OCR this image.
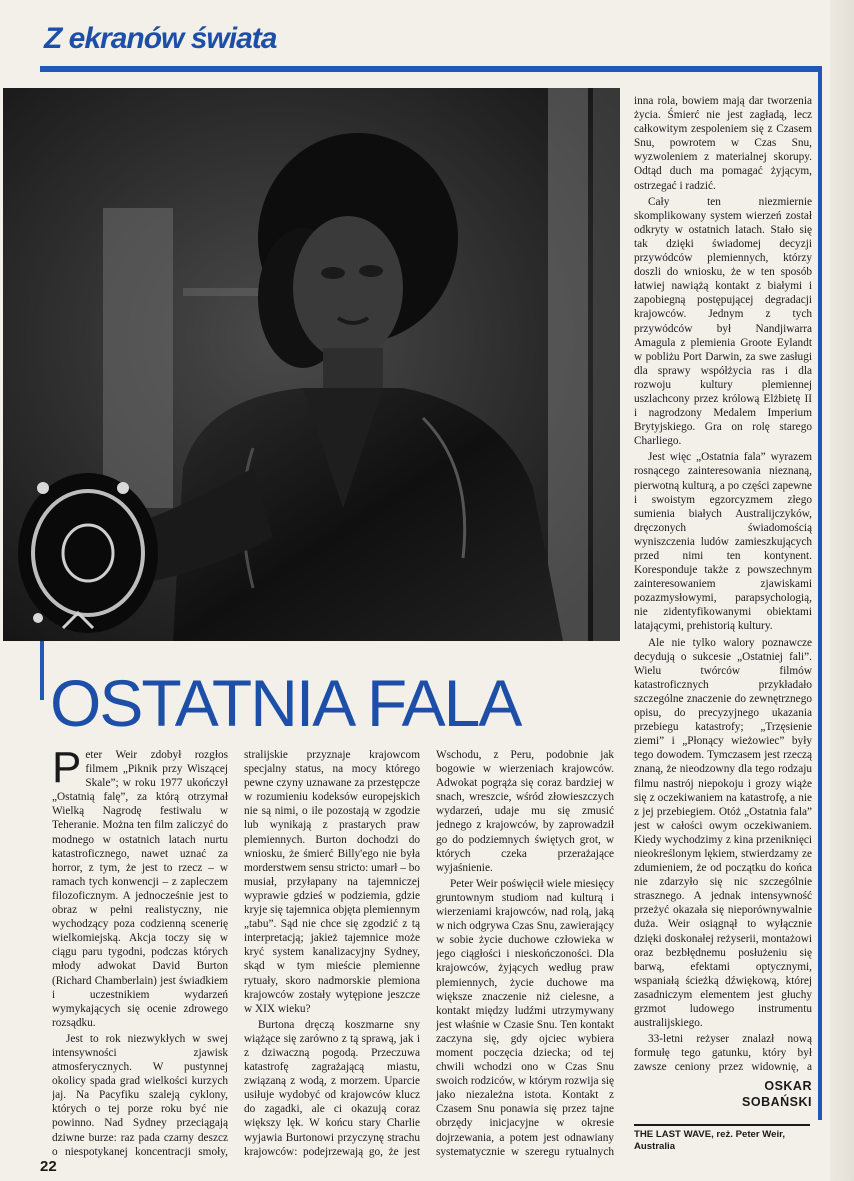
Z ekranów świata
OSTATNIA FALA

Peter Weir zdobył rozgłos filmem „Piknik przy Wiszącej Skale”; w roku 1977 ukończył „Ostatnią falę”, za którą otrzymał Wielką Nagrodę festiwalu w Teheranie. Można ten film zaliczyć do modnego w ostatnich latach nurtu katastroficznego, nawet uznać za horror, z tym, że jest to rzecz – w ramach tych konwencji – z zapleczem filozoficznym. A jednocześnie jest to obraz w pełni realistyczny, nie wychodzący poza codzienną scenerię wielkomiejską. Akcja toczy się w ciągu paru tygodni, podczas których młody adwokat David Burton (Richard Chamberlain) jest świadkiem i uczestnikiem wydarzeń wymykających się ocenie zdrowego rozsądku.

Jest to rok niezwykłych w swej intensywności zjawisk atmosferycznych. W pustynnej okolicy spada grad wielkości kurzych jaj. Na Pacyfiku szaleją cyklony, których o tej porze roku być nie powinno. Nad Sydney przeciągają dziwne burze: raz pada czarny deszcz o niespotykanej koncentracji smoły,

stralijskie przyznaje krajowcom specjalny status, na mocy którego pewne czyny uznawane za przestępcze w rozumieniu kodeksów europejskich nie są nimi, o ile pozostają w zgodzie lub wynikają z prastarych praw plemiennych. Burton dochodzi do wniosku, że śmierć Billy'ego nie była morderstwem sensu stricto: umarł – bo musiał, przyłapany na tajemniczej wyprawie gdzieś w podziemia, gdzie kryje się tajemnica objęta plemiennym „tabu”. Sąd nie chce się zgodzić z tą interpretacją; jakież tajemnice może kryć system kanalizacyjny Sydney, skąd w tym mieście plemienne rytuały, skoro nadmorskie plemiona krajowców zostały wytępione jeszcze w XIX wieku?

Burtona dręczą koszmarne sny wiążące się zarówno z tą sprawą, jak i z dziwaczną pogodą. Przeczuwa katastrofę zagrażającą miastu, związaną z wodą, z morzem. Uparcie usiłuje wydobyć od krajowców klucz do zagadki, ale ci okazują coraz większy lęk. W końcu stary Charlie wyjawia Burtonowi przyczynę strachu krajowców: podejrzewają go, że jest

Wschodu, z Peru, podobnie jak bogowie w wierzeniach krajowców. Adwokat pogrąża się coraz bardziej w snach, wreszcie, wśród złowieszczych wydarzeń, udaje mu się zmusić jednego z krajowców, by zaprowadził go do podziemnych świętych grot, w których czeka przerażające wyjaśnienie.

Peter Weir poświęcił wiele miesięcy gruntownym studiom nad kulturą i wierzeniami krajowców, nad rolą, jaką w nich odgrywa Czas Snu, zawierający w sobie życie duchowe człowieka w jego ciągłości i nieskończoności. Dla krajowców, żyjących według praw plemiennych, życie duchowe ma większe znaczenie niż cielesne, a kontakt między ludźmi utrzymywany jest właśnie w Czasie Snu. Ten kontakt zaczyna się, gdy ojciec wybiera moment poczęcia dziecka; od tej chwili wchodzi ono w Czas Snu swoich rodziców, w którym rozwija się jako niezależna istota. Kontakt z Czasem Snu ponawia się przez tajne obrzędy inicjacyjne w okresie dojrzewania, a potem jest odnawiany systematycznie w szeregu rytualnych

inna rola, bowiem mają dar tworzenia życia. Śmierć nie jest zagładą, lecz całkowitym zespoleniem się z Czasem Snu, powrotem w Czas Snu, wyzwoleniem z materialnej skorupy. Odtąd duch ma pomagać żyjącym, ostrzegać i radzić.

Cały ten niezmiernie skomplikowany system wierzeń został odkryty w ostatnich latach. Stało się tak dzięki świadomej decyzji przywódców plemiennych, którzy doszli do wniosku, że w ten sposób łatwiej nawiążą kontakt z białymi i zapobiegną postępującej degradacji krajowców. Jednym z tych przywódców był Nandjiwarra Amagula z plemienia Groote Eylandt w pobliżu Port Darwin, za swe zasługi dla sprawy współżycia ras i dla rozwoju kultury plemiennej uszlachcony przez królową Elżbietę II i nagrodzony Medalem Imperium Brytyjskiego. Gra on rolę starego Charliego.

Jest więc „Ostatnia fala” wyrazem rosnącego zainteresowania nieznaną, pierwotną kulturą, a po części zapewne i swoistym egzorcyzmem złego sumienia białych Australijczyków, dręczonych świadomością wyniszczenia ludów zamieszkujących przed nimi ten kontynent. Koresponduje także z powszechnym zainteresowaniem zjawiskami pozazmysłowymi, parapsychologią, nie zidentyfikowanymi obiektami latającymi, prehistorią kultury.

Ale nie tylko walory poznawcze decydują o sukcesie „Ostatniej fali”. Wielu twórców filmów katastroficznych przykładało szczególne znaczenie do zewnętrznego opisu, do precyzyjnego ukazania przebiegu katastrofy; „Trzęsienie ziemi” i „Płonący wieżowiec” były tego dowodem. Tymczasem jest rzeczą znaną, że nieodzowny dla tego rodzaju filmu nastrój niepokoju i grozy wiąże się z oczekiwaniem na katastrofę, a nie z jej przebiegiem. Otóż „Ostatnia fala” jest w całości owym oczekiwaniem. Kiedy wychodzimy z kina przeniknięci nieokreślonym lękiem, stwierdzamy ze zdumieniem, że od początku do końca nie zdarzyło się nic szczególnie strasznego. A jednak intensywność przeżyć okazała się nieporównywalnie duża. Weir osiągnął to wyłącznie dzięki doskonałej reżyserii, montażowi oraz bezbłędnemu posłużeniu się barwą, efektami optycznymi, wspaniałą ścieżką dźwiękową, której zasadniczym elementem jest głuchy grzmot ludowego instrumentu australijskiego.

33-letni reżyser znalazł nową formułę tego gatunku, który był zawsze ceniony przez widownię, a

OSKAR
SOBAŃSKI
THE LAST WAVE, reż. Peter Weir, Australia
22
